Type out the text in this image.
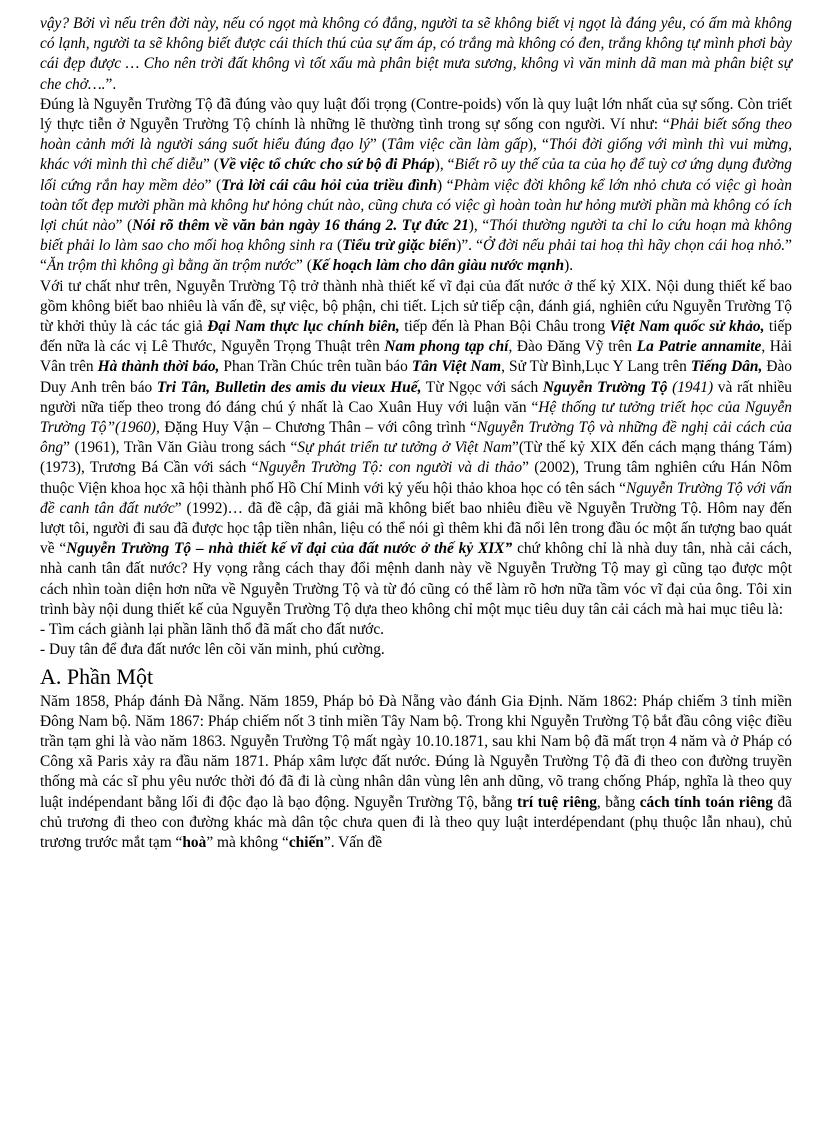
vậy? Bởi vì nếu trên đời này, nếu có ngọt mà không có đắng, người ta sẽ không biết vị ngọt là đáng yêu, có ấm mà không có lạnh, người ta sẽ không biết được cái thích thú của sự ấm áp, có trắng mà không có đen, trắng không tự mình phơi bày cái đẹp được … Cho nên trời đất không vì tốt xấu mà phân biệt mưa sương, không vì văn minh dã man mà phân biệt sự che chở….”.

Đúng là Nguyễn Trường Tộ đã đúng vào quy luật đối trọng (Contre-poids) vốn là quy luật lớn nhất của sự sống. Còn triết lý thực tiễn ở Nguyễn Trường Tộ chính là những lẽ thường tình trong sự sống con người. Ví như: “Phải biết sống theo hoàn cảnh mới là người sáng suốt hiểu đúng đạo lý” (Tâm việc cần làm gấp), “Thói đời giống với mình thì vui mừng, khác với mình thì chế diễu” (Về việc tổ chức cho sứ bộ đi Pháp), “Biết rõ uy thế của ta của họ để tuỳ cơ ứng dụng đường lối cứng rắn hay mềm dẻo” (Trả lời cái câu hỏi của triều đình) “Phàm việc đời không kể lớn nhỏ chưa có việc gì hoàn toàn tốt đẹp mười phần mà không hư hỏng chút nào, cũng chưa có việc gì hoàn toàn hư hỏng mười phần mà không có ích lợi chút nào” (Nói rõ thêm về văn bản ngày 16 tháng 2. Tự đức 21), “Thói thường người ta chỉ lo cứu hoạn mà không biết phải lo làm sao cho mối hoạ không sinh ra (Tiểu trừ giặc biển)”. “Ở đời nếu phải tai hoạ thì hãy chọn cái hoạ nhỏ.” “Ăn trộm thì không gì bằng ăn trộm nước” (Kế hoạch làm cho dân giàu nước mạnh).

Với tư chất như trên, Nguyễn Trường Tộ trở thành nhà thiết kế vĩ đại của đất nước ở thế kỷ XIX. Nội dung thiết kế bao gồm không biết bao nhiêu là vấn đề, sự việc, bộ phận, chi tiết. Lịch sử tiếp cận, đánh giá, nghiên cứu Nguyễn Trường Tộ từ khởi thủy là các tác giả Đại Nam thực lục chính biên, tiếp đến là Phan Bội Châu trong Việt Nam quốc sử khảo, tiếp đến nữa là các vị Lê Thước, Nguyễn Trọng Thuật trên Nam phong tạp chí, Đào Đăng Vỹ trên La Patrie annamite, Hải Vân trên Hà thành thời báo, Phan Trần Chúc trên tuần báo Tân Việt Nam, Sử Từ Bình,Lục Y Lang trên Tiếng Dân, Đào Duy Anh trên báo Tri Tân, Bulletin des amis du vieux Huế, Từ Ngọc với sách Nguyễn Trường Tộ (1941) và rất nhiều người nữa tiếp theo trong đó đáng chú ý nhất là Cao Xuân Huy với luận văn “Hệ thống tư tưởng triết học của Nguyễn Trường Tộ”(1960), Đặng Huy Vận – Chương Thân – với công trình “Nguyễn Trường Tộ và những đề nghị cải cách của ông” (1961), Trần Văn Giàu trong sách “Sự phát triển tư tưởng ở Việt Nam”(Từ thế kỷ XIX đến cách mạng tháng Tám) (1973), Trương Bá Cần với sách “Nguyễn Trường Tộ: con người và di thảo” (2002), Trung tâm nghiên cứu Hán Nôm thuộc Viện khoa học xã hội thành phố Hồ Chí Minh với kỷ yếu hội thảo khoa học có tên sách “Nguyễn Trường Tộ với vấn đề canh tân đất nước” (1992)… đã đề cập, đã giải mã không biết bao nhiêu điều về Nguyễn Trường Tộ. Hôm nay đến lượt tôi, người đi sau đã được học tập tiền nhân, liệu có thể nói gì thêm khi đã nổi lên trong đầu óc một ấn tượng bao quát về “Nguyễn Trường Tộ – nhà thiết kế vĩ đại của đất nước ở thế kỷ XIX” chứ không chỉ là nhà duy tân, nhà cải cách, nhà canh tân đất nước? Hy vọng rằng cách thay đổi mệnh danh này về Nguyễn Trường Tộ may gì cũng tạo được một cách nhìn toàn diện hơn nữa về Nguyễn Trường Tộ và từ đó cũng có thể làm rõ hơn nữa tầm vóc vĩ đại của ông. Tôi xin trình bày nội dung thiết kế của Nguyễn Trường Tộ dựa theo không chỉ một mục tiêu duy tân cải cách mà hai mục tiêu là:

- Tìm cách giành lại phần lãnh thổ đã mất cho đất nước.

- Duy tân để đưa đất nước lên cõi văn minh, phú cường.

A. Phần Một

Năm 1858, Pháp đánh Đà Nẵng. Năm 1859, Pháp bỏ Đà Nẵng vào đánh Gia Định. Năm 1862: Pháp chiếm 3 tỉnh miền Đông Nam bộ. Năm 1867: Pháp chiếm nốt 3 tỉnh miền Tây Nam bộ. Trong khi Nguyễn Trường Tộ bắt đầu công việc điều trần tạm ghi là vào năm 1863. Nguyễn Trường Tộ mất ngày 10.10.1871, sau khi Nam bộ đã mất trọn 4 năm và ở Pháp có Công xã Paris xảy ra đầu năm 1871. Pháp xâm lược đất nước. Đúng là Nguyễn Trường Tộ đã đi theo con đường truyền thống mà các sĩ phu yêu nước thời đó đã đi là cùng nhân dân vùng lên anh dũng, võ trang chống Pháp, nghĩa là theo quy luật indépendant bằng lối đi độc đạo là bạo động. Nguyễn Trường Tộ, bằng trí tuệ riêng, bằng cách tính toán riêng đã chủ trương đi theo con đường khác mà dân tộc chưa quen đi là theo quy luật interdépendant (phụ thuộc lẫn nhau), chủ trương trước mắt tạm “hoà” mà không “chiến”. Vấn đề
